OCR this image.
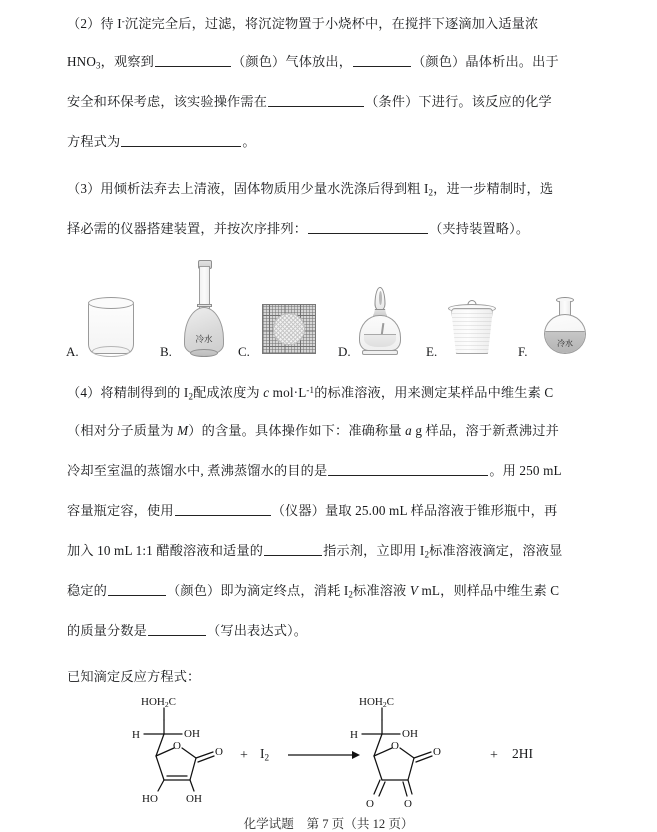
（2）待 I-沉淀完全后，过滤，将沉淀物置于小烧杯中，在搅拌下逐滴加入适量浓
$HNO_3$，观察到	（颜色）气体放出，	（颜色）晶体析出。出于
安全和环保考虑，该实验操作需在	（条件）下进行。该反应的化学
方程式为	。
（3）用倾析法弃去上清液，固体物质用少量水洗涤后得到粗 $I_2$，进一步精制时，选
择必需的仪器搭建装置，并按次序排列：	（夹持装置略）。
A.	B.
冷水
C.	D.	E.	F.
冷水
（4）将精制得到的 $I_2$配成浓度为 c $mol\cdot L^{-1}$的标准溶液，用来测定某样品中维生素 C
（相对分子质量为 M）的含量。具体操作如下：准确称量 a g 样品，溶于新煮沸过并
冷却至室温的蒸馏水中, 煮沸蒸馏水的目的是	。用 250 mL
容量瓶定容，使用	（仪器）量取 25.00 mL 样品溶液于锥形瓶中，再
加入 10 mL 1:1 醋酸溶液和适量的	指示剂，立即用 $I_2$标准溶液滴定，溶液显
稳定的	（颜色）即为滴定终点，消耗 $I_2$标准溶液 V mL，则样品中维生素 C
的质量分数是	（写出表达式）。
已知滴定反应方程式：
$HOH_2C$
H	OH
O	O
HO	OH
+ $I_2$
$HOH_2C$
H	OH
O	O
O	O
+ 2HI
化学试题　第 7 页（共 12 页）
